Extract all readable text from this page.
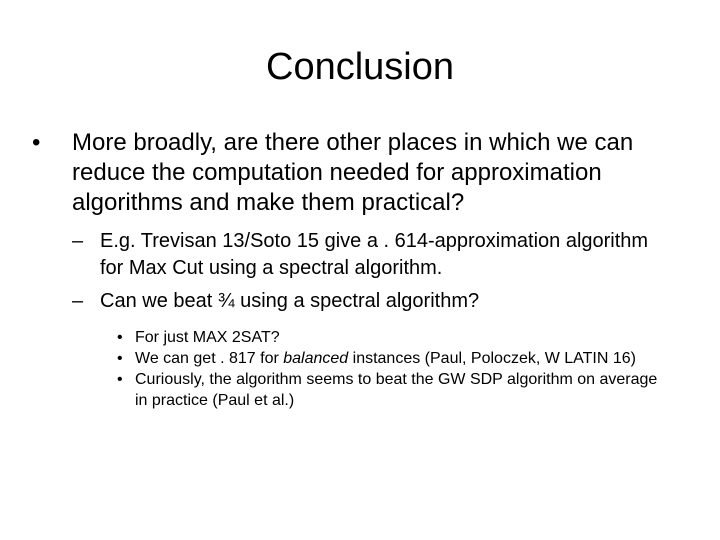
Conclusion
• More broadly, are there other places in which we can reduce the computation needed for approximation algorithms and make them practical?
– E.g. Trevisan 13/Soto 15 give a . 614-approximation algorithm for Max Cut using a spectral algorithm.
– Can we beat ¾ using a spectral algorithm?
• For just MAX 2SAT?
• We can get . 817 for balanced instances (Paul, Poloczek, W LATIN 16)
• Curiously, the algorithm seems to beat the GW SDP algorithm on average in practice (Paul et al.)
